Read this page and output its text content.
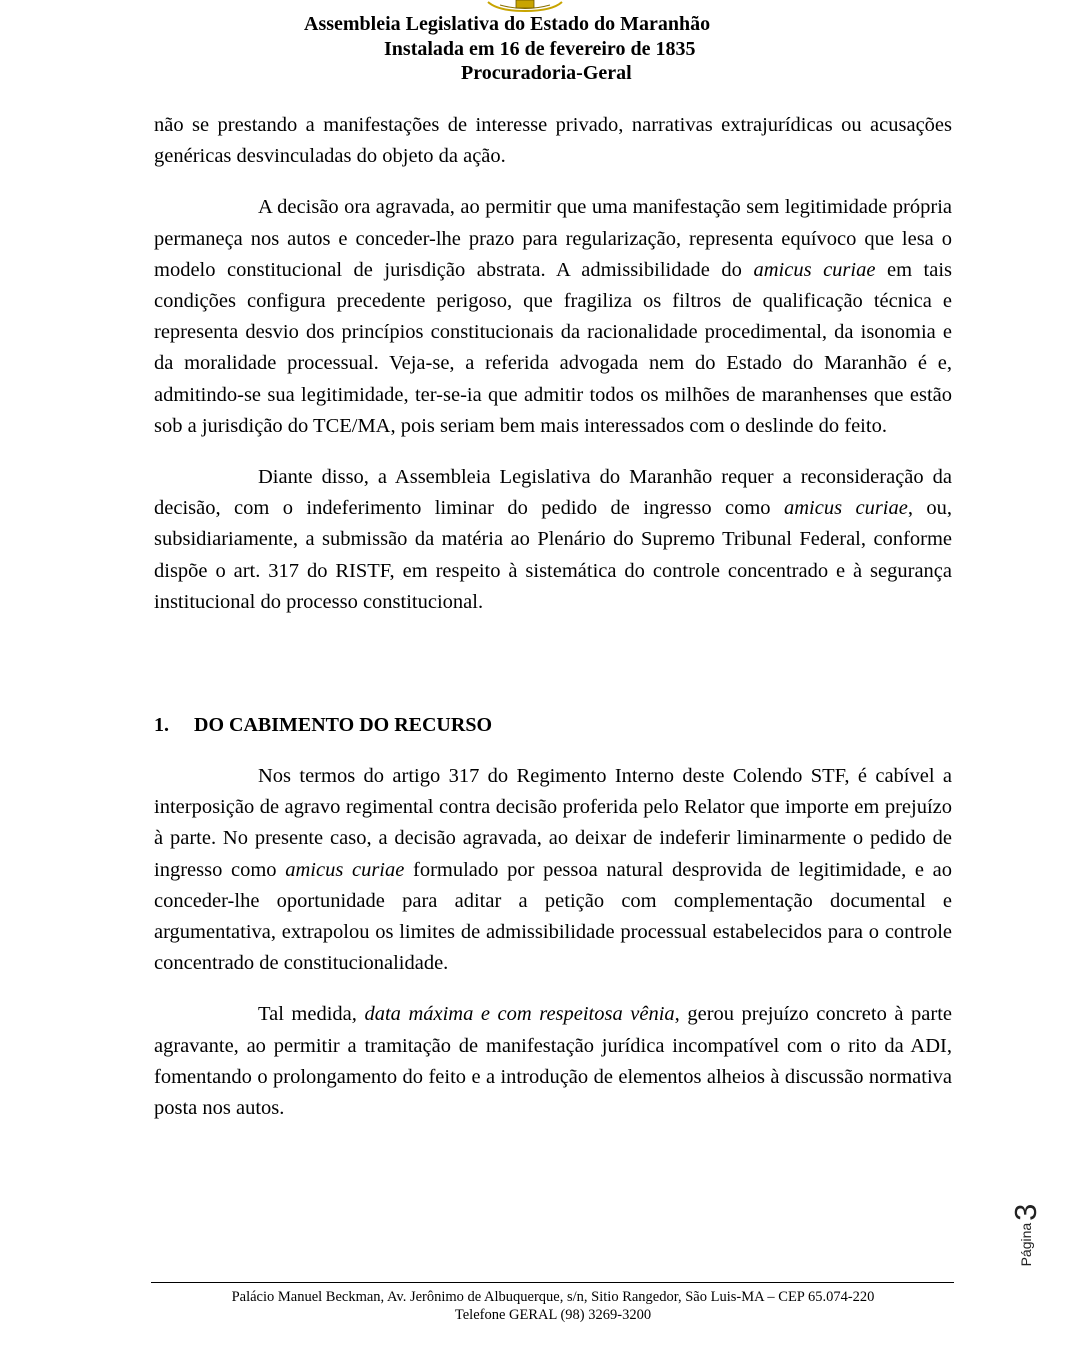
Assembleia Legislativa do Estado do Maranhão
Instalada em 16 de fevereiro de 1835
Procuradoria-Geral

não se prestando a manifestações de interesse privado, narrativas extrajurídicas ou acusações genéricas desvinculadas do objeto da ação.

A decisão ora agravada, ao permitir que uma manifestação sem legitimidade própria permaneça nos autos e conceder-lhe prazo para regularização, representa equívoco que lesa o modelo constitucional de jurisdição abstrata. A admissibilidade do amicus curiae em tais condições configura precedente perigoso, que fragiliza os filtros de qualificação técnica e representa desvio dos princípios constitucionais da racionalidade procedimental, da isonomia e da moralidade processual. Veja-se, a referida advogada nem do Estado do Maranhão é e, admitindo-se sua legitimidade, ter-se-ia que admitir todos os milhões de maranhenses que estão sob a jurisdição do TCE/MA, pois seriam bem mais interessados com o deslinde do feito.

Diante disso, a Assembleia Legislativa do Maranhão requer a reconsideração da decisão, com o indeferimento liminar do pedido de ingresso como amicus curiae, ou, subsidiariamente, a submissão da matéria ao Plenário do Supremo Tribunal Federal, conforme dispõe o art. 317 do RISTF, em respeito à sistemática do controle concentrado e à segurança institucional do processo constitucional.

1. DO CABIMENTO DO RECURSO

Nos termos do artigo 317 do Regimento Interno deste Colendo STF, é cabível a interposição de agravo regimental contra decisão proferida pelo Relator que importe em prejuízo à parte. No presente caso, a decisão agravada, ao deixar de indeferir liminarmente o pedido de ingresso como amicus curiae formulado por pessoa natural desprovida de legitimidade, e ao conceder-lhe oportunidade para aditar a petição com complementação documental e argumentativa, extrapolou os limites de admissibilidade processual estabelecidos para o controle concentrado de constitucionalidade.

Tal medida, data máxima e com respeitosa vênia, gerou prejuízo concreto à parte agravante, ao permitir a tramitação de manifestação jurídica incompatível com o rito da ADI, fomentando o prolongamento do feito e a introdução de elementos alheios à discussão normativa posta nos autos.

Página
3
Palácio Manuel Beckman, Av. Jerônimo de Albuquerque, s/n, Sitio Rangedor, São Luis-MA – CEP 65.074-220
Telefone GERAL (98) 3269-3200
